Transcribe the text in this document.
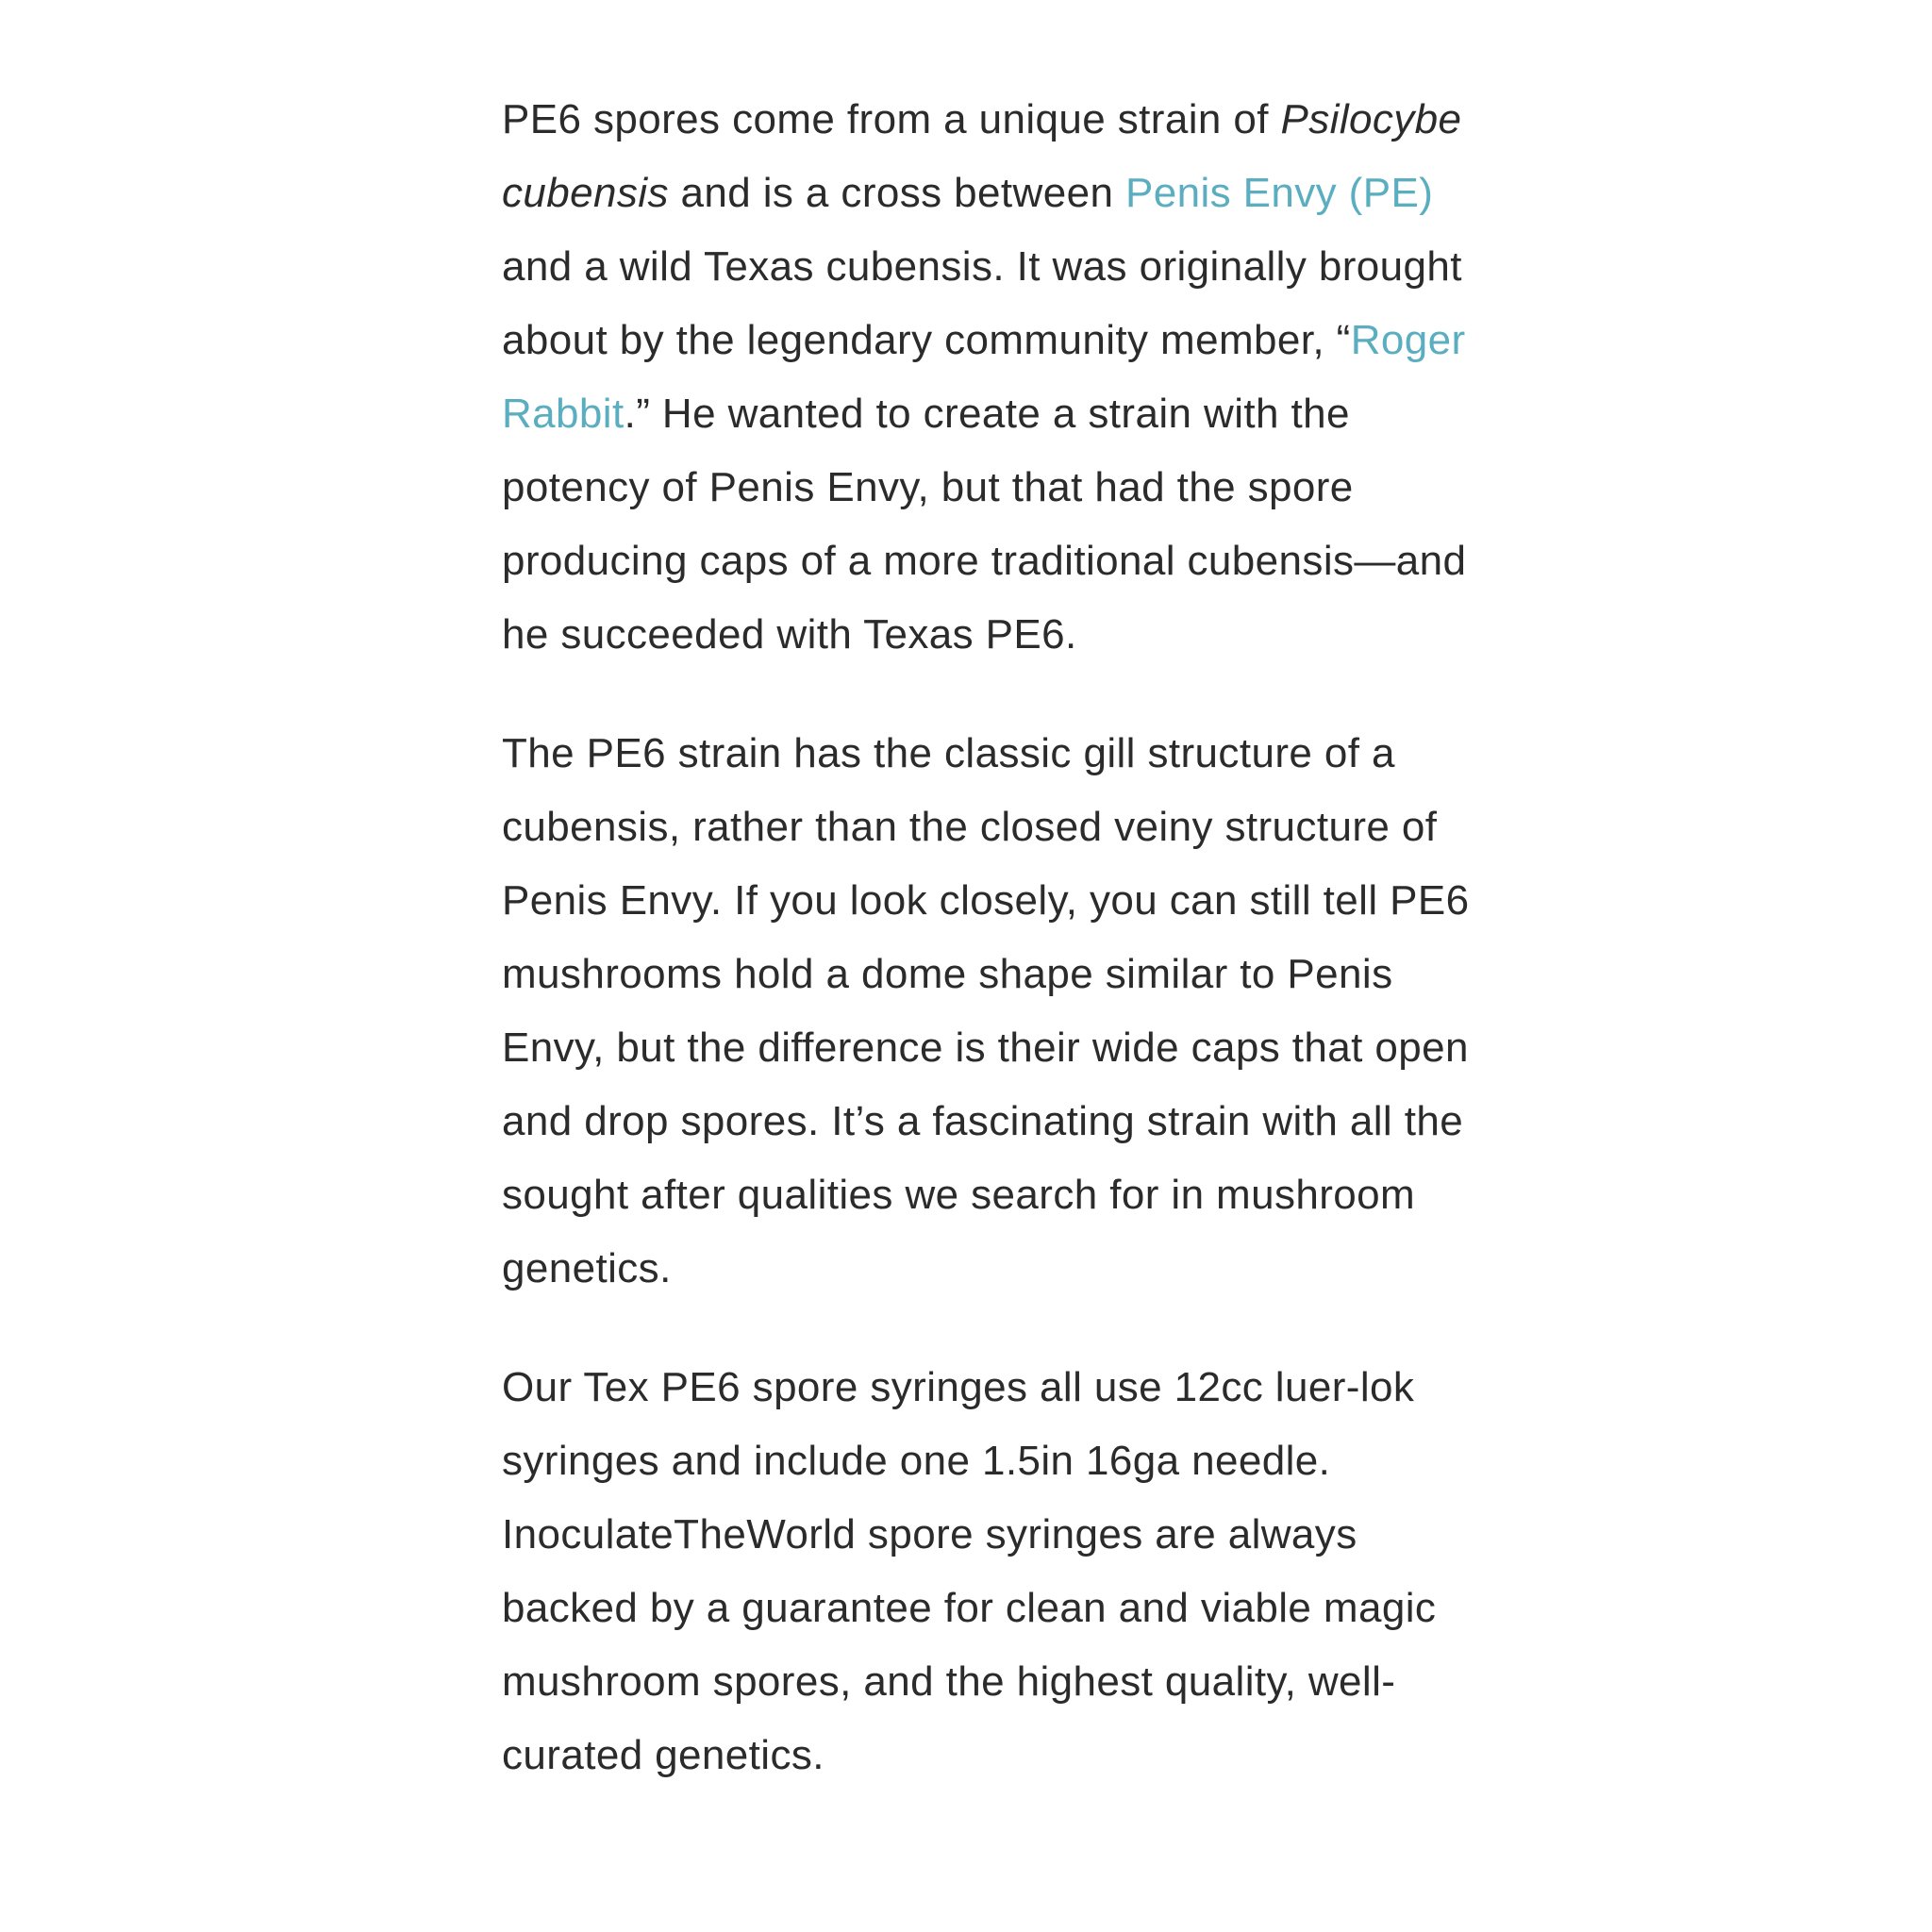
PE6 spores come from a unique strain of Psilocybe cubensis and is a cross between Penis Envy (PE) and a wild Texas cubensis. It was originally brought about by the legendary community member, “Roger Rabbit.” He wanted to create a strain with the potency of Penis Envy, but that had the spore producing caps of a more traditional cubensis—and he succeeded with Texas PE6.

The PE6 strain has the classic gill structure of a cubensis, rather than the closed veiny structure of Penis Envy. If you look closely, you can still tell PE6 mushrooms hold a dome shape similar to Penis Envy, but the difference is their wide caps that open and drop spores. It’s a fascinating strain with all the sought after qualities we search for in mushroom genetics.

Our Tex PE6 spore syringes all use 12cc luer-lok syringes and include one 1.5in 16ga needle. InoculateTheWorld spore syringes are always backed by a guarantee for clean and viable magic mushroom spores, and the highest quality, well-curated genetics.
